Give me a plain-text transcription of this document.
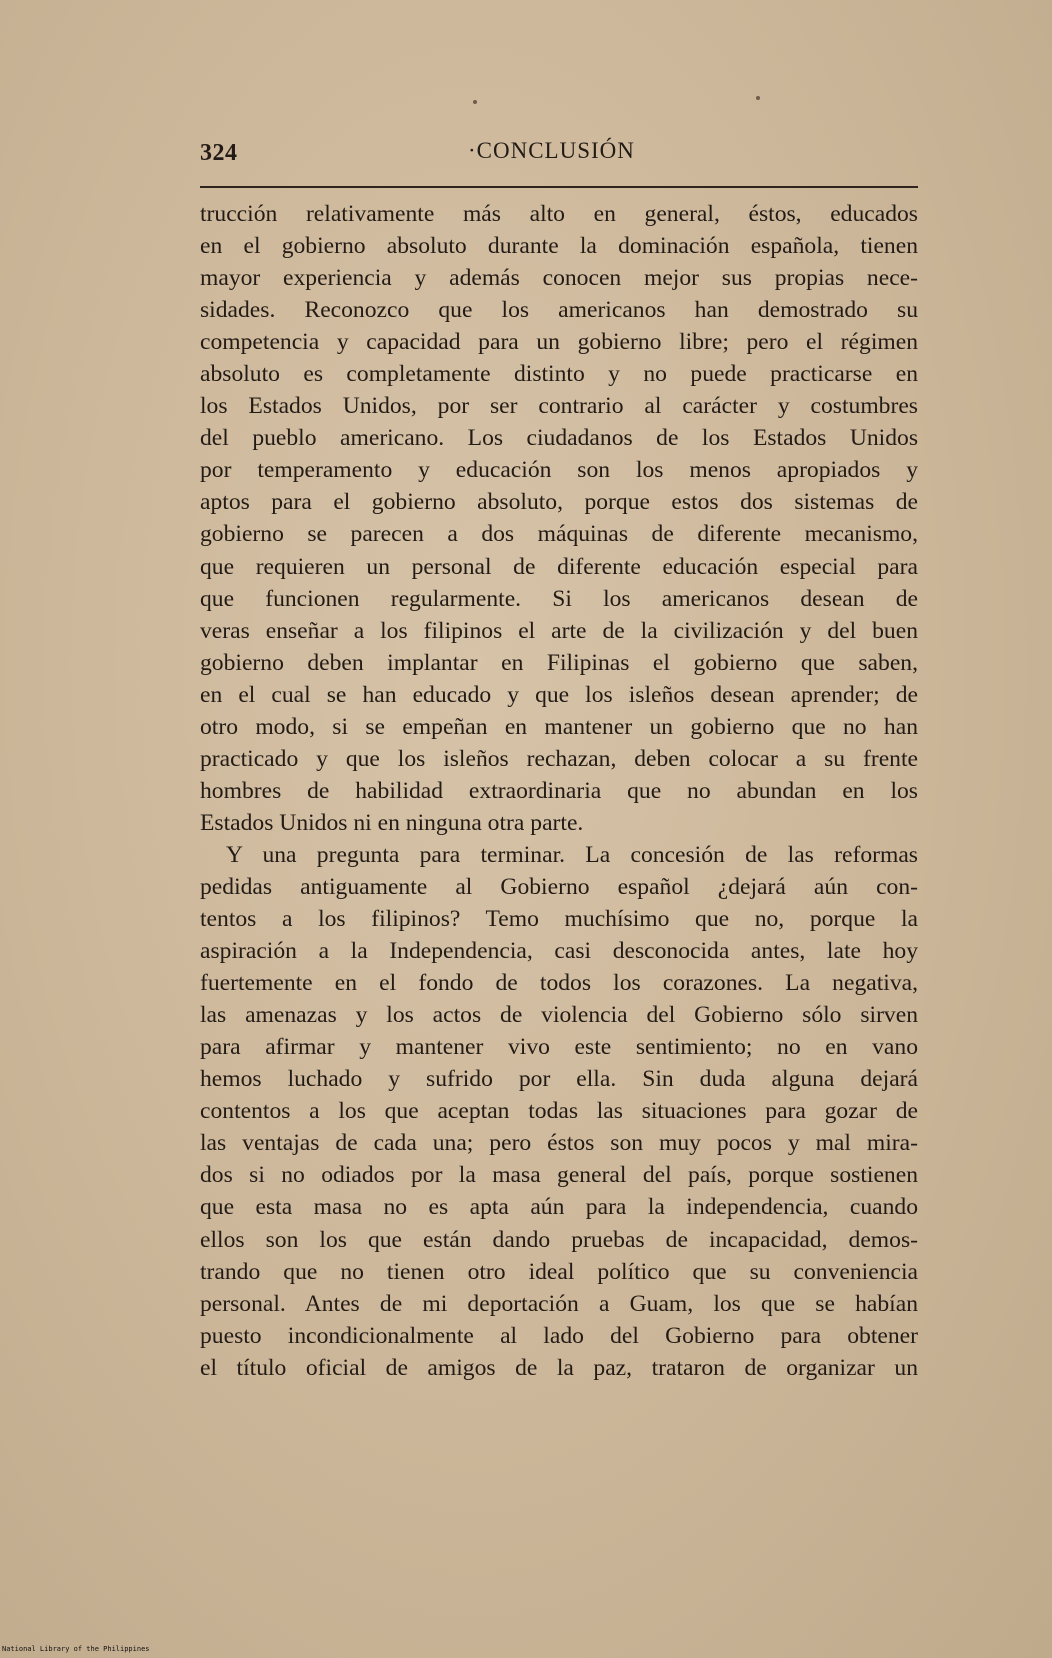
324	·CONCLUSIÓN
trucción relativamente más alto en general, éstos, educados
en el gobierno absoluto durante la dominación española, tienen
mayor experiencia y además conocen mejor sus propias nece-
sidades. Reconozco que los americanos han demostrado su
competencia y capacidad para un gobierno libre; pero el régimen
absoluto es completamente distinto y no puede practicarse en
los Estados Unidos, por ser contrario al carácter y costumbres
del pueblo americano. Los ciudadanos de los Estados Unidos
por temperamento y educación son los menos apropiados y
aptos para el gobierno absoluto, porque estos dos sistemas de
gobierno se parecen a dos máquinas de diferente mecanismo,
que requieren un personal de diferente educación especial para
que funcionen regularmente. Si los americanos desean de
veras enseñar a los filipinos el arte de la civilización y del buen
gobierno deben implantar en Filipinas el gobierno que saben,
en el cual se han educado y que los isleños desean aprender; de
otro modo, si se empeñan en mantener un gobierno que no han
practicado y que los isleños rechazan, deben colocar a su frente
hombres de habilidad extraordinaria que no abundan en los
Estados Unidos ni en ninguna otra parte.
Y una pregunta para terminar. La concesión de las reformas
pedidas antiguamente al Gobierno español ¿dejará aún con-
tentos a los filipinos? Temo muchísimo que no, porque la
aspiración a la Independencia, casi desconocida antes, late hoy
fuertemente en el fondo de todos los corazones. La negativa,
las amenazas y los actos de violencia del Gobierno sólo sirven
para afirmar y mantener vivo este sentimiento; no en vano
hemos luchado y sufrido por ella. Sin duda alguna dejará
contentos a los que aceptan todas las situaciones para gozar de
las ventajas de cada una; pero éstos son muy pocos y mal mira-
dos si no odiados por la masa general del país, porque sostienen
que esta masa no es apta aún para la independencia, cuando
ellos son los que están dando pruebas de incapacidad, demos-
trando que no tienen otro ideal político que su conveniencia
personal. Antes de mi deportación a Guam, los que se habían
puesto incondicionalmente al lado del Gobierno para obtener
el título oficial de amigos de la paz, trataron de organizar un
National Library of the Philippines
